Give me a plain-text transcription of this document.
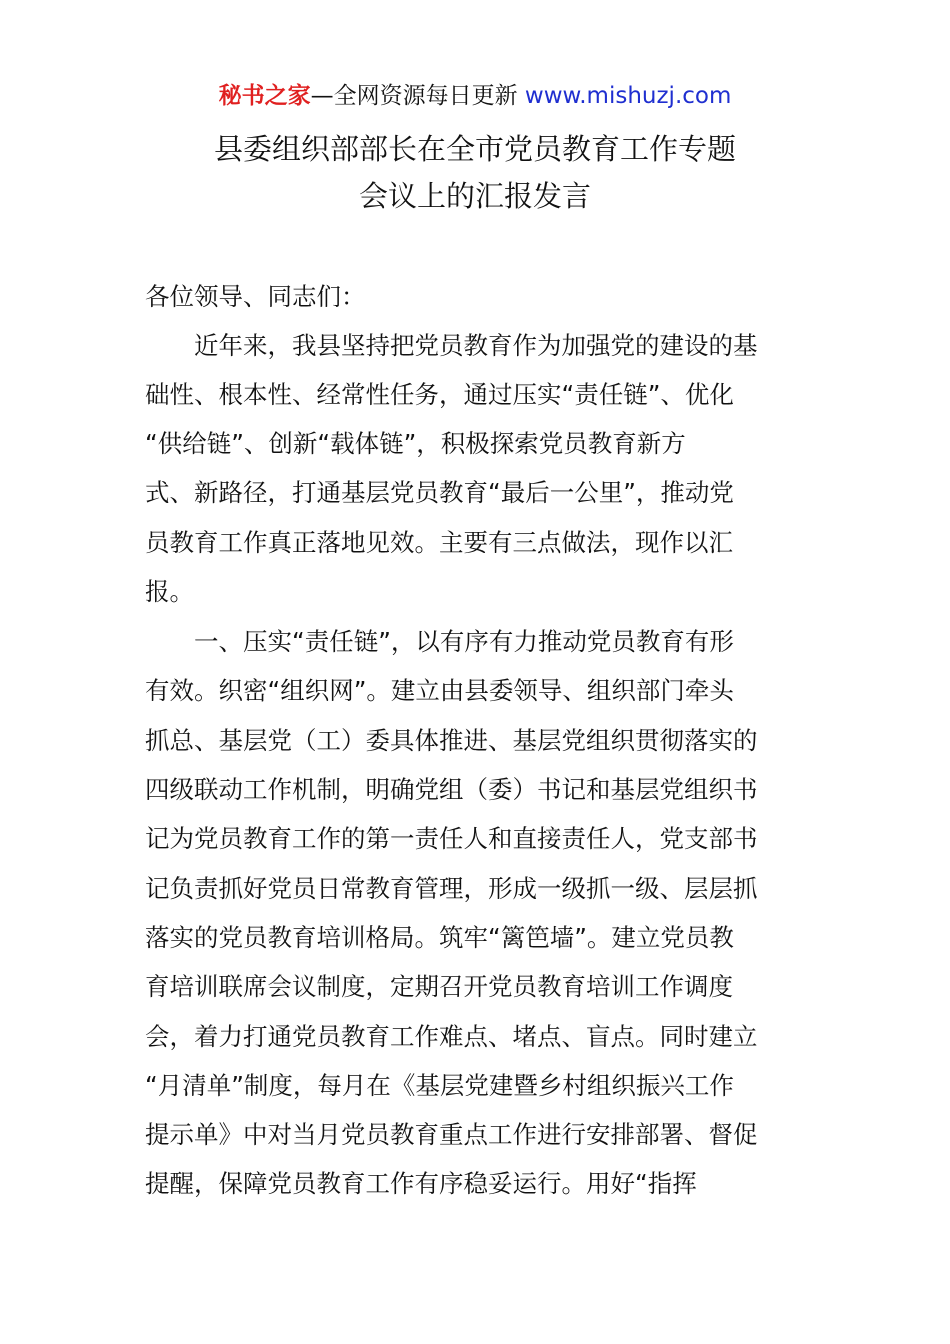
秘书之家—全网资源每日更新 www.mishuzj.com
县委组织部部长在全市党员教育工作专题
会议上的汇报发言
各位领导、同志们：
　　近年来，我县坚持把党员教育作为加强党的建设的基
础性、根本性、经常性任务，通过压实“责任链”、优化
“供给链”、创新“载体链”，积极探索党员教育新方
式、新路径，打通基层党员教育“最后一公里”，推动党
员教育工作真正落地见效。主要有三点做法，现作以汇
报。
　　一、压实“责任链”，以有序有力推动党员教育有形
有效。织密“组织网”。建立由县委领导、组织部门牵头
抓总、基层党（工）委具体推进、基层党组织贯彻落实的
四级联动工作机制，明确党组（委）书记和基层党组织书
记为党员教育工作的第一责任人和直接责任人，党支部书
记负责抓好党员日常教育管理，形成一级抓一级、层层抓
落实的党员教育培训格局。筑牢“篱笆墙”。建立党员教
育培训联席会议制度，定期召开党员教育培训工作调度
会，着力打通党员教育工作难点、堵点、盲点。同时建立
“月清单”制度，每月在《基层党建暨乡村组织振兴工作
提示单》中对当月党员教育重点工作进行安排部署、督促
提醒，保障党员教育工作有序稳妥运行。用好“指挥
